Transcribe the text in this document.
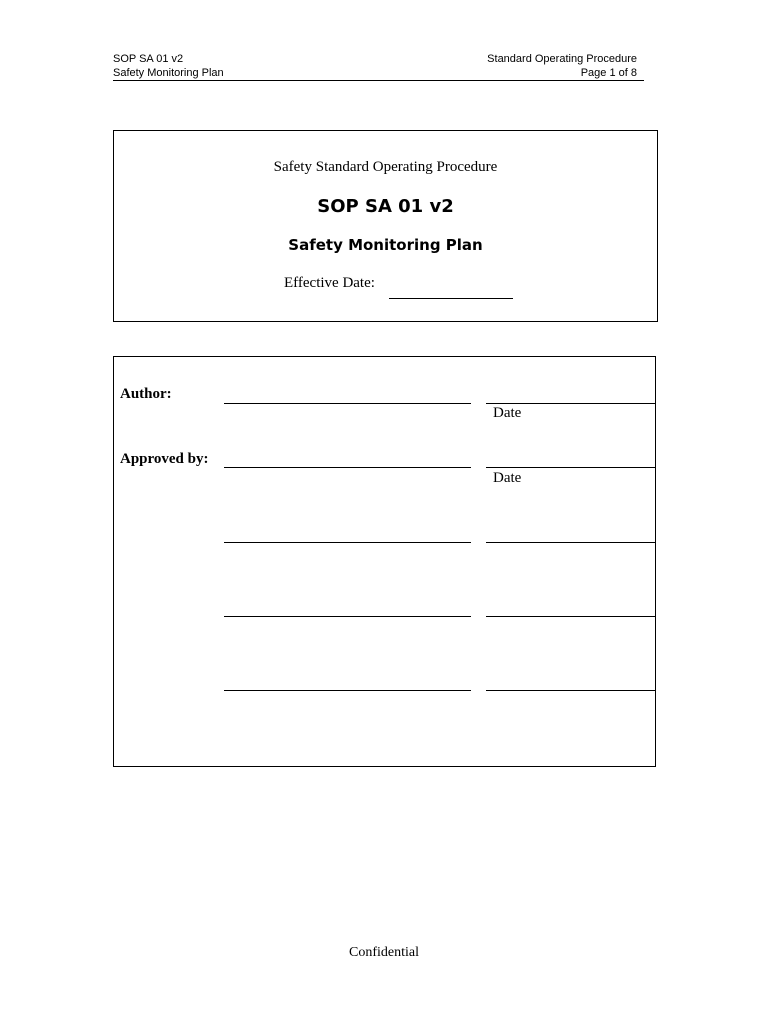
SOP SA 01 v2
Safety Monitoring Plan
Standard Operating Procedure
Page 1 of 8
Safety Standard Operating Procedure
SOP SA 01 v2
Safety Monitoring Plan
Effective Date:
Author:
Date
Approved by:
Date
Confidential
